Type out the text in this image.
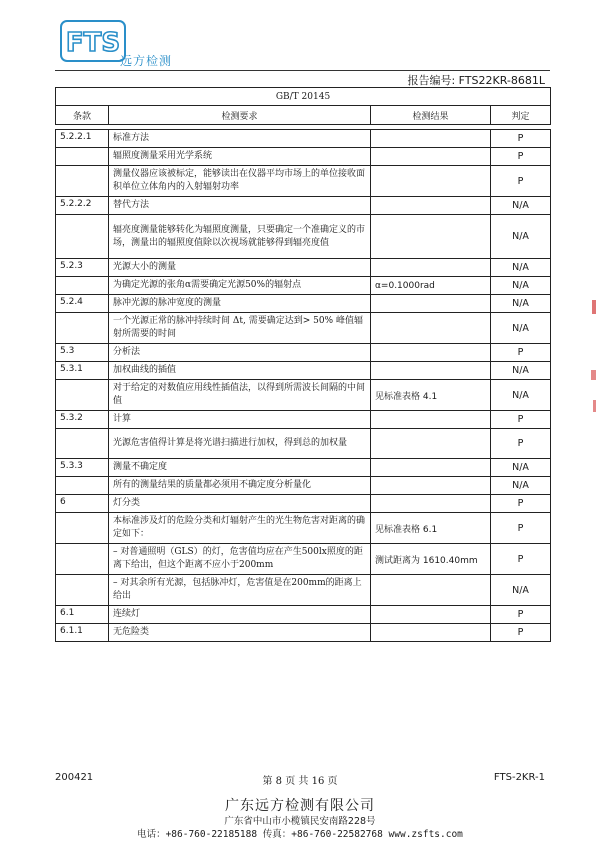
FTS
远方检测
报告编号: FTS22KR-8681L
GB/T 20145			
条款	检测要求	检测结果	判定

5.2.2.1	标准方法		P
	辐照度测量采用光学系统		P
	测量仪器应该被标定，能够读出在仪器平均市场上的单位接收面积单位立体角内的入射辐射功率		P
5.2.2.2	替代方法		N/A
	辐亮度测量能够转化为辐照度测量，只要确定一个准确定义的市场，测量出的辐照度值除以次视场就能够得到辐亮度值		N/A
5.2.3	光源大小的测量		N/A
	为确定光源的张角α需要确定光源50%的辐射点	α=0.1000rad	N/A
5.2.4	脉冲光源的脉冲宽度的测量		N/A
	一个光源正常的脉冲持续时间 Δt, 需要确定达到> 50% 峰值辐射所需要的时间		N/A
5.3	分析法		P
5.3.1	加权曲线的插值		N/A
	对于给定的对数值应用线性插值法，以得到所需波长间隔的中间值	见标准表格 4.1	N/A
5.3.2	计算		P
	光源危害值得计算是将光谱扫描进行加权，得到总的加权量		P
5.3.3	测量不确定度		N/A
	所有的测量结果的质量都必须用不确定度分析量化		N/A
6	灯分类		P
	本标准涉及灯的危险分类和灯辐射产生的光生物危害对距离的确定如下：	见标准表格 6.1	P
	– 对普通照明（GLS）的灯，危害值均应在产生500lx照度的距离下给出，但这个距离不应小于200mm	测试距离为 1610.40mm	P
	– 对其余所有光源，包括脉冲灯，危害值是在200mm的距离上给出		N/A
6.1	连续灯		P
6.1.1	无危险类		P
200421	第 8 页 共 16 页	FTS-2KR-1
广东远方检测有限公司
广东省中山市小榄镇民安南路228号
电话：+86-760-22185188 传真：+86-760-22582768 www.zsfts.com
